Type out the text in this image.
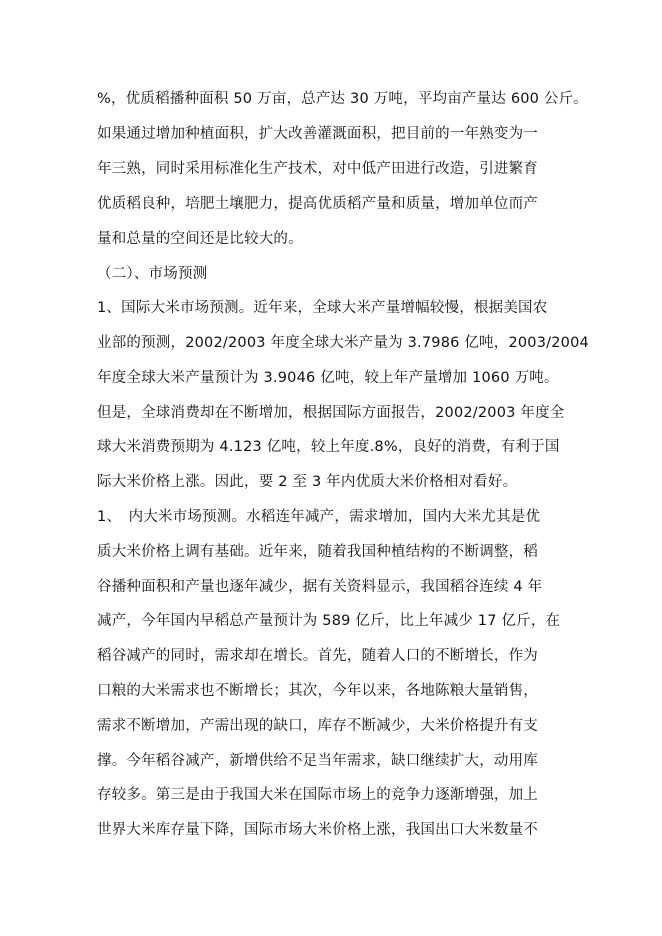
%，优质稻播种面积 50 万亩，总产达 30 万吨，平均亩产量达 600 公斤。
如果通过增加种植面积，扩大改善灌溉面积，把目前的一年熟变为一
年三熟，同时采用标准化生产技术，对中低产田进行改造，引进繁育
优质稻良种，培肥土壤肥力，提高优质稻产量和质量，增加单位而产
量和总量的空间还是比较大的。
（二）、市场预测
1、国际大米市场预测。近年来，全球大米产量增幅较慢，根据美国农
业部的预测，2002/2003 年度全球大米产量为 3.7986 亿吨，2003/2004
年度全球大米产量预计为 3.9046 亿吨，较上年产量增加 1060 万吨。
但是，全球消费却在不断增加，根据国际方面报告，2002/2003 年度全
球大米消费预期为 4.123 亿吨，较上年度.8%，良好的消费，有利于国
际大米价格上涨。因此，要 2 至 3 年内优质大米价格相对看好。
1、　内大米市场预测。水稻连年减产，需求增加，国内大米尤其是优
质大米价格上调有基础。近年来，随着我国种植结构的不断调整，稻
谷播种面积和产量也逐年减少，据有关资料显示，我国稻谷连续 4 年
减产，今年国内早稻总产量预计为 589 亿斤，比上年减少 17 亿斤，在
稻谷减产的同时，需求却在增长。首先，随着人口的不断增长，作为
口粮的大米需求也不断增长；其次，今年以来，各地陈粮大量销售，
需求不断增加，产需出现的缺口，库存不断减少，大米价格提升有支
撑。今年稻谷减产，新增供给不足当年需求，缺口继续扩大，动用库
存较多。第三是由于我国大米在国际市场上的竞争力逐渐增强，加上
世界大米库存量下降，国际市场大米价格上涨，我国出口大米数量不
